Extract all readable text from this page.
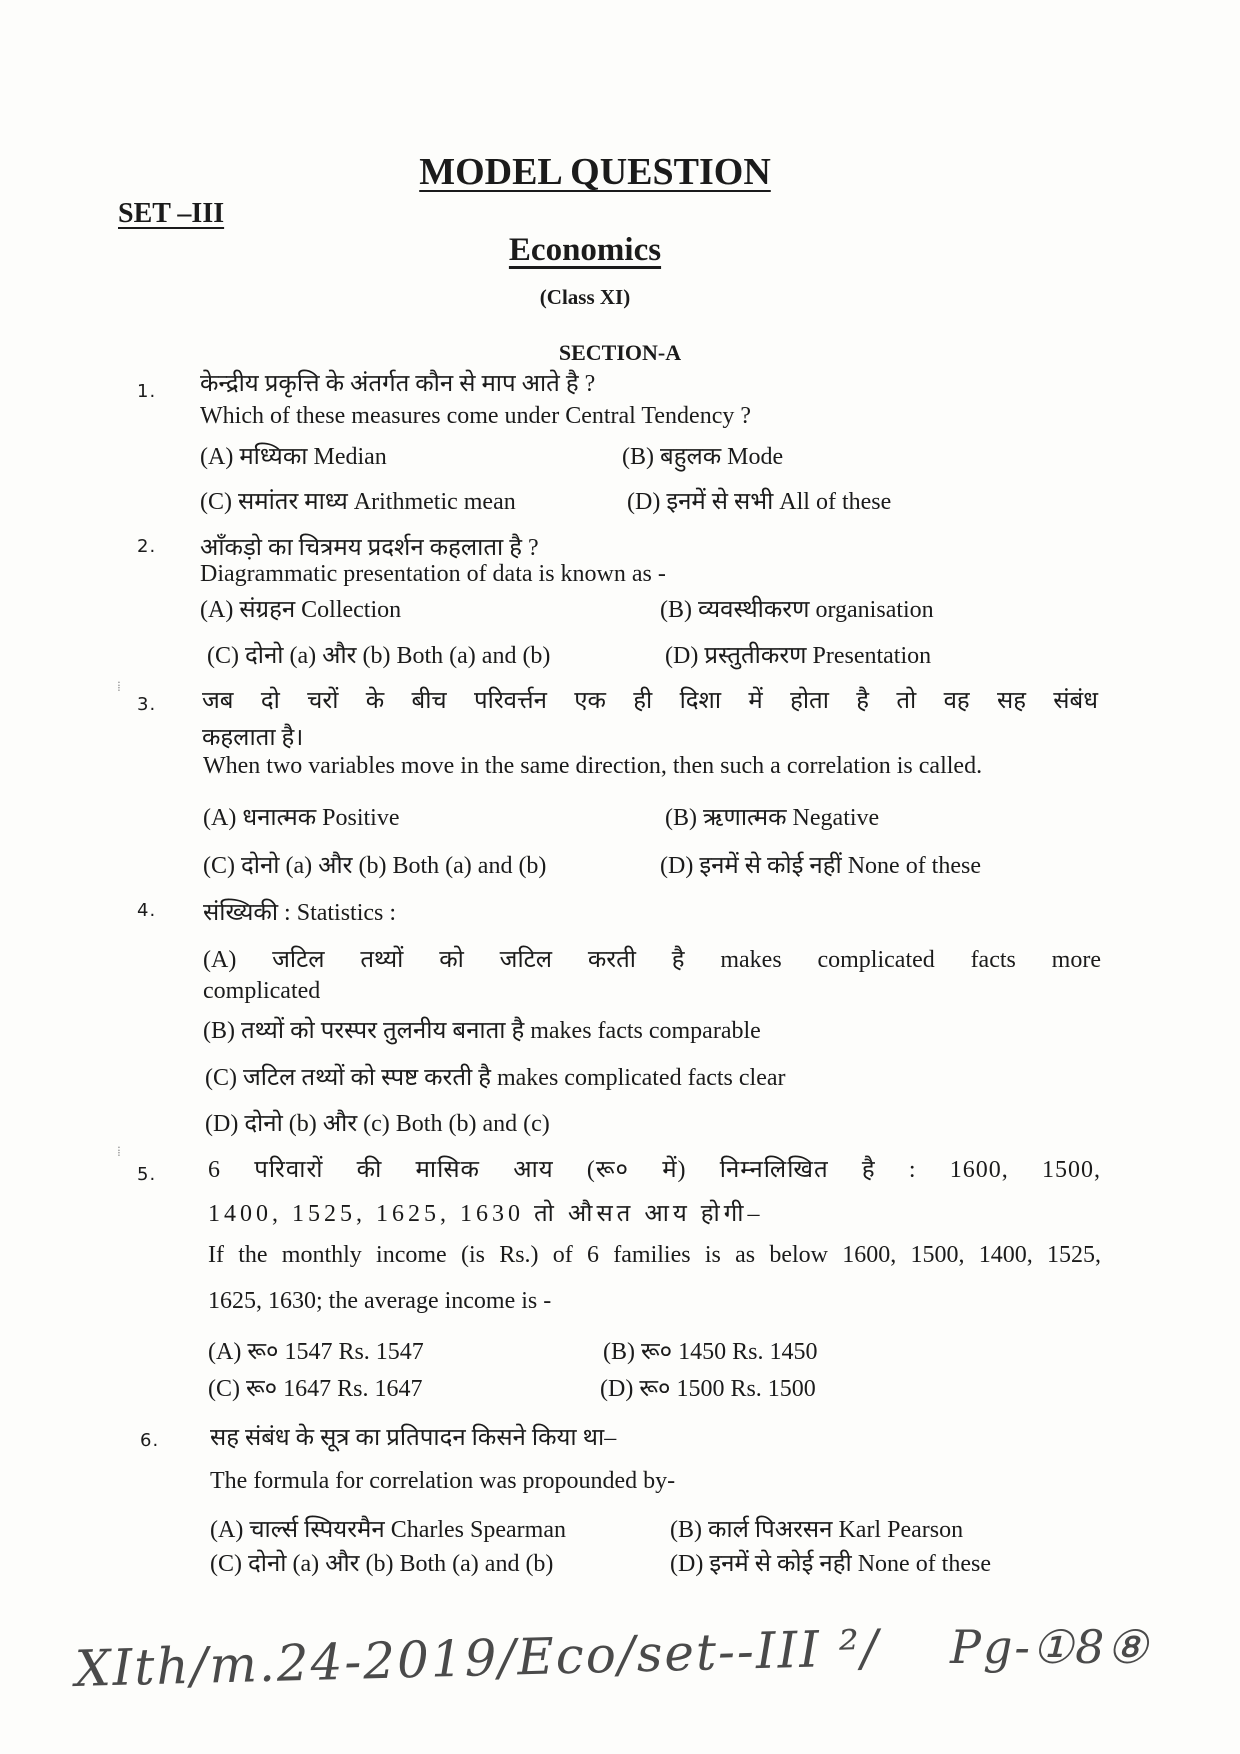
MODEL QUESTION
SET –III
Economics
(Class XI)
SECTION-A
1. केन्द्रीय प्रकृत्ति के अंतर्गत कौन से माप आते है ?
Which of these measures come under Central Tendency ?
(A) मध्यिका Median	(B) बहुलक Mode
(C) समांतर माध्य Arithmetic mean	(D) इनमें से सभी All of these
2. आँकड़ो का चित्रमय प्रदर्शन कहलाता है ?
Diagrammatic presentation of data is known as -
(A) संग्रहन Collection	(B) व्यवस्थीकरण organisation
(C) दोनो (a) और (b) Both (a) and (b)	(D) प्रस्तुतीकरण Presentation
3. जब दो चरों के बीच परिवर्त्तन एक ही दिशा में होता है तो वह सह संबंध
कहलाता है।
When two variables move in the same direction, then such a correlation is called.
(A) धनात्मक Positive	(B) ऋणात्मक Negative
(C) दोनो (a) और (b) Both (a) and (b)	(D) इनमें से कोई नहीं None of these
4. संख्यिकी : Statistics :
(A) जटिल तथ्यों को जटिल करती है makes complicated facts more
complicated
(B) तथ्यों को परस्पर तुलनीय बनाता है makes facts comparable
(C) जटिल तथ्यों को स्पष्ट करती है makes complicated facts clear
(D) दोनो (b) और (c) Both (b) and (c)
5. 6 परिवारों की मासिक आय (रू० में) निम्नलिखित है : 1600, 1500,
1400, 1525, 1625, 1630 तो औसत आय होगी–
If the monthly income (is Rs.) of 6 families is as below 1600, 1500, 1400, 1525,
1625, 1630; the average income is -
(A) रू० 1547 Rs. 1547	(B) रू० 1450 Rs. 1450
(C) रू० 1647 Rs. 1647	(D) रू० 1500 Rs. 1500
6. सह संबंध के सूत्र का प्रतिपादन किसने किया था–
The formula for correlation was propounded by-
(A) चार्ल्स स्पियरमैन Charles Spearman	(B) कार्ल पिअरसन Karl Pearson
(C) दोनो (a) और (b) Both (a) and (b)	(D) इनमें से कोई नही None of these
XIth/m.24-2019/Eco/set--III ²/ Pg-①8⑧
⁞
⁞
